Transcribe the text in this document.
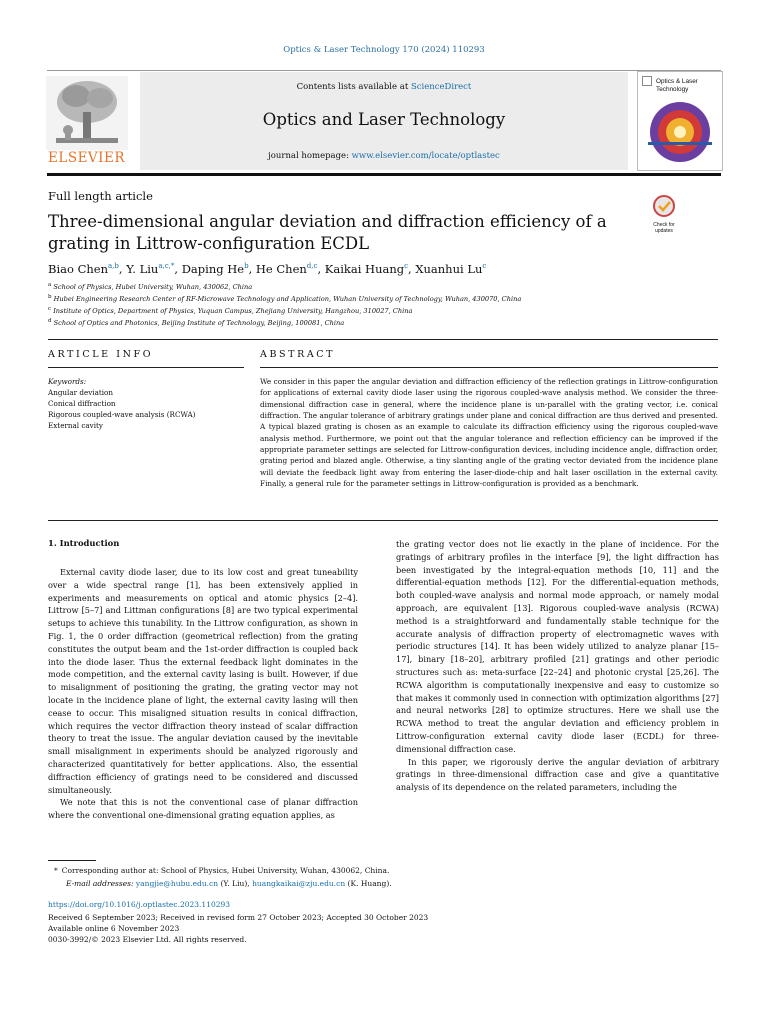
Optics & Laser Technology 170 (2024) 110293
ELSEVIER
Contents lists available at ScienceDirect
Optics and Laser Technology
journal homepage: www.elsevier.com/locate/optlastec
Optics & Laser Technology
Full length article
Three-dimensional angular deviation and diffraction efficiency of a grating in Littrow-configuration ECDL
Check for updates
Biao Chen$^{a,b}$, Y. Liu$^{a,c,*}$, Daping He$^b$, He Chen$^{d,c}$, Kaikai Huang$^c$, Xuanhui Lu$^c$
$^a$ School of Physics, Hubei University, Wuhan, 430062, China
$^b$ Hubei Engineering Research Center of RF-Microwave Technology and Application, Wuhan University of Technology, Wuhan, 430070, China
$^c$ Institute of Optics, Department of Physics, Yuquan Campus, Zhejiang University, Hangzhou, 310027, China
$^d$ School of Optics and Photonics, Beijing Institute of Technology, Beijing, 100081, China
ARTICLE INFO	ABSTRACT
Keywords:
Angular deviation
Conical diffraction
Rigorous coupled-wave analysis (RCWA)
External cavity
We consider in this paper the angular deviation and diffraction efficiency of the reflection gratings in Littrow-configuration for applications of external cavity diode laser using the rigorous coupled-wave analysis method. We consider the three-dimensional diffraction case in general, where the incidence plane is un-parallel with the grating vector, i.e. conical diffraction. The angular tolerance of arbitrary gratings under plane and conical diffraction are thus derived and presented. A typical blazed grating is chosen as an example to calculate its diffraction efficiency using the rigorous coupled-wave analysis method. Furthermore, we point out that the angular tolerance and reflection efficiency can be improved if the appropriate parameter settings are selected for Littrow-configuration devices, including incidence angle, diffraction order, grating period and blazed angle. Otherwise, a tiny slanting angle of the grating vector deviated from the incidence plane will deviate the feedback light away from entering the laser-diode-chip and halt laser oscillation in the external cavity. Finally, a general rule for the parameter settings in Littrow-configuration is provided as a benchmark.
1. Introduction

External cavity diode laser, due to its low cost and great tuneability over a wide spectral range [1], has been extensively applied in experiments and measurements on optical and atomic physics [2–4]. Littrow [5–7] and Littman configurations [8] are two typical experimental setups to achieve this tunability. In the Littrow configuration, as shown in Fig. 1, the 0 order diffraction (geometrical reflection) from the grating constitutes the output beam and the 1st-order diffraction is coupled back into the diode laser. Thus the external feedback light dominates in the mode competition, and the external cavity lasing is built. However, if due to misalignment of positioning the grating, the grating vector may not locate in the incidence plane of light, the external cavity lasing will then cease to occur. This misaligned situation results in conical diffraction, which requires the vector diffraction theory instead of scalar diffraction theory to treat the issue. The angular deviation caused by the inevitable small misalignment in experiments should be analyzed rigorously and characterized quantitatively for better applications. Also, the essential diffraction efficiency of gratings need to be considered and discussed simultaneously.

We note that this is not the conventional case of planar diffraction where the conventional one-dimensional grating equation applies, as

the grating vector does not lie exactly in the plane of incidence. For the gratings of arbitrary profiles in the interface [9], the light diffraction has been investigated by the integral-equation methods [10, 11] and the differential-equation methods [12]. For the differential-equation methods, both coupled-wave analysis and normal mode approach, or namely modal approach, are equivalent [13]. Rigorous coupled-wave analysis (RCWA) method is a straightforward and fundamentally stable technique for the accurate analysis of diffraction property of electromagnetic waves with periodic structures [14]. It has been widely utilized to analyze planar [15–17], binary [18–20], arbitrary profiled [21] gratings and other periodic structures such as: meta-surface [22–24] and photonic crystal [25,26]. The RCWA algorithm is computationally inexpensive and easy to customize so that makes it commonly used in connection with optimization algorithms [27] and neural networks [28] to optimize structures. Here we shall use the RCWA method to treat the angular deviation and efficiency problem in Littrow-configuration external cavity diode laser (ECDL) for three-dimensional diffraction case.

In this paper, we rigorously derive the angular deviation of arbitrary gratings in three-dimensional diffraction case and give a quantitative analysis of its dependence on the related parameters, including the

* Corresponding author at: School of Physics, Hubei University, Wuhan, 430062, China.
E-mail addresses: yangjie@hubu.edu.cn (Y. Liu), huangkaikai@zju.edu.cn (K. Huang).
https://doi.org/10.1016/j.optlastec.2023.110293
Received 6 September 2023; Received in revised form 27 October 2023; Accepted 30 October 2023
Available online 6 November 2023
0030-3992/© 2023 Elsevier Ltd. All rights reserved.
